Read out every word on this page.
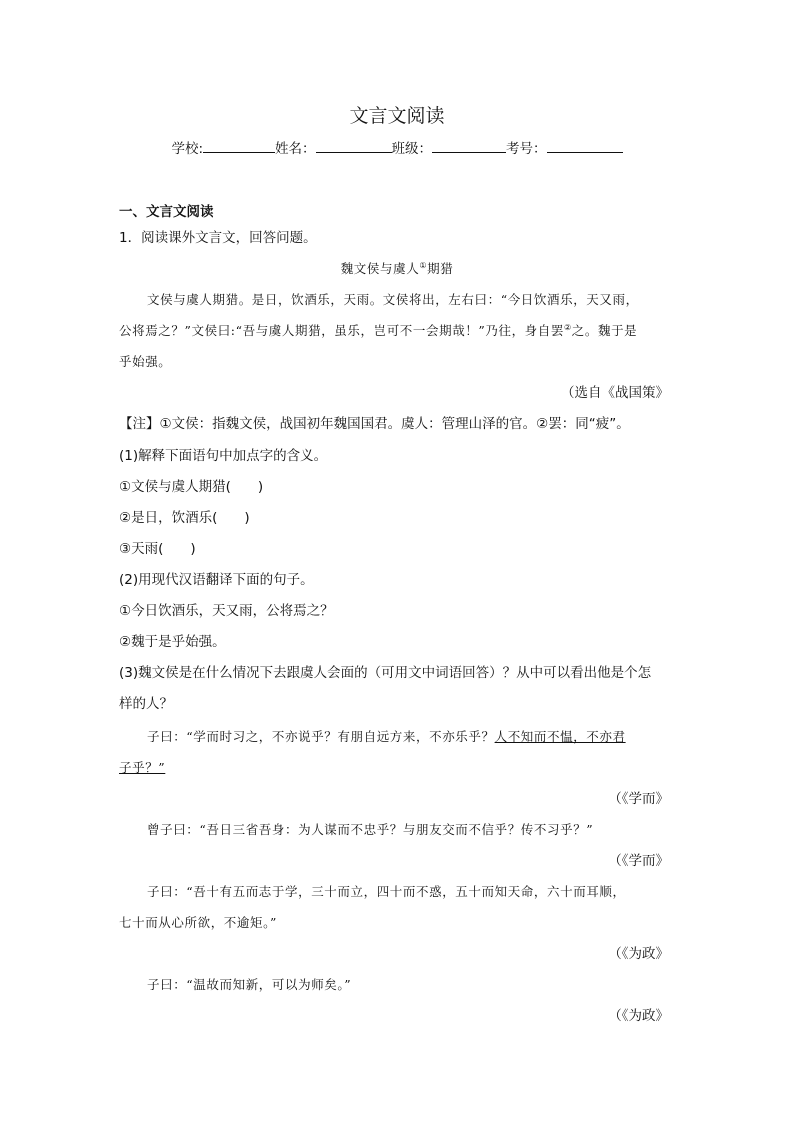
文言文阅读
学校:	姓名：	班级：	考号：
一、文言文阅读
1．阅读课外文言文，回答问题。
魏文侯与虞人①期猎
文侯与虞人期猎。是日，饮酒乐，天雨。文侯将出，左右曰：“今日饮酒乐，天又雨，
公将焉之？”文侯曰:“吾与虞人期猎，虽乐，岂可不一会期哉！”乃往，身自罢②之。魏于是
乎始强。
（选自《战国策》
【注】①文侯：指魏文侯，战国初年魏国国君。虞人：管理山泽的官。②罢：同“疲”。
(1)解释下面语句中加点字的含义。
①文侯与虞人期猎(　　)
②是日，饮酒乐(　　)
③天雨(　　)
(2)用现代汉语翻译下面的句子。
①今日饮酒乐，天又雨，公将焉之？
②魏于是乎始强。
(3)魏文侯是在什么情况下去跟虞人会面的（可用文中词语回答）？从中可以看出他是个怎
样的人？
子曰：“学而时习之，不亦说乎？有朋自远方来，不亦乐乎？人不知而不愠，不亦君
子乎？”
（《学而》
曾子曰：“吾日三省吾身：为人谋而不忠乎？与朋友交而不信乎？传不习乎？”
（《学而》
子曰：“吾十有五而志于学，三十而立，四十而不惑，五十而知天命，六十而耳顺，
七十而从心所欲，不逾矩。”
（《为政》
子曰：“温故而知新，可以为师矣。”
（《为政》
